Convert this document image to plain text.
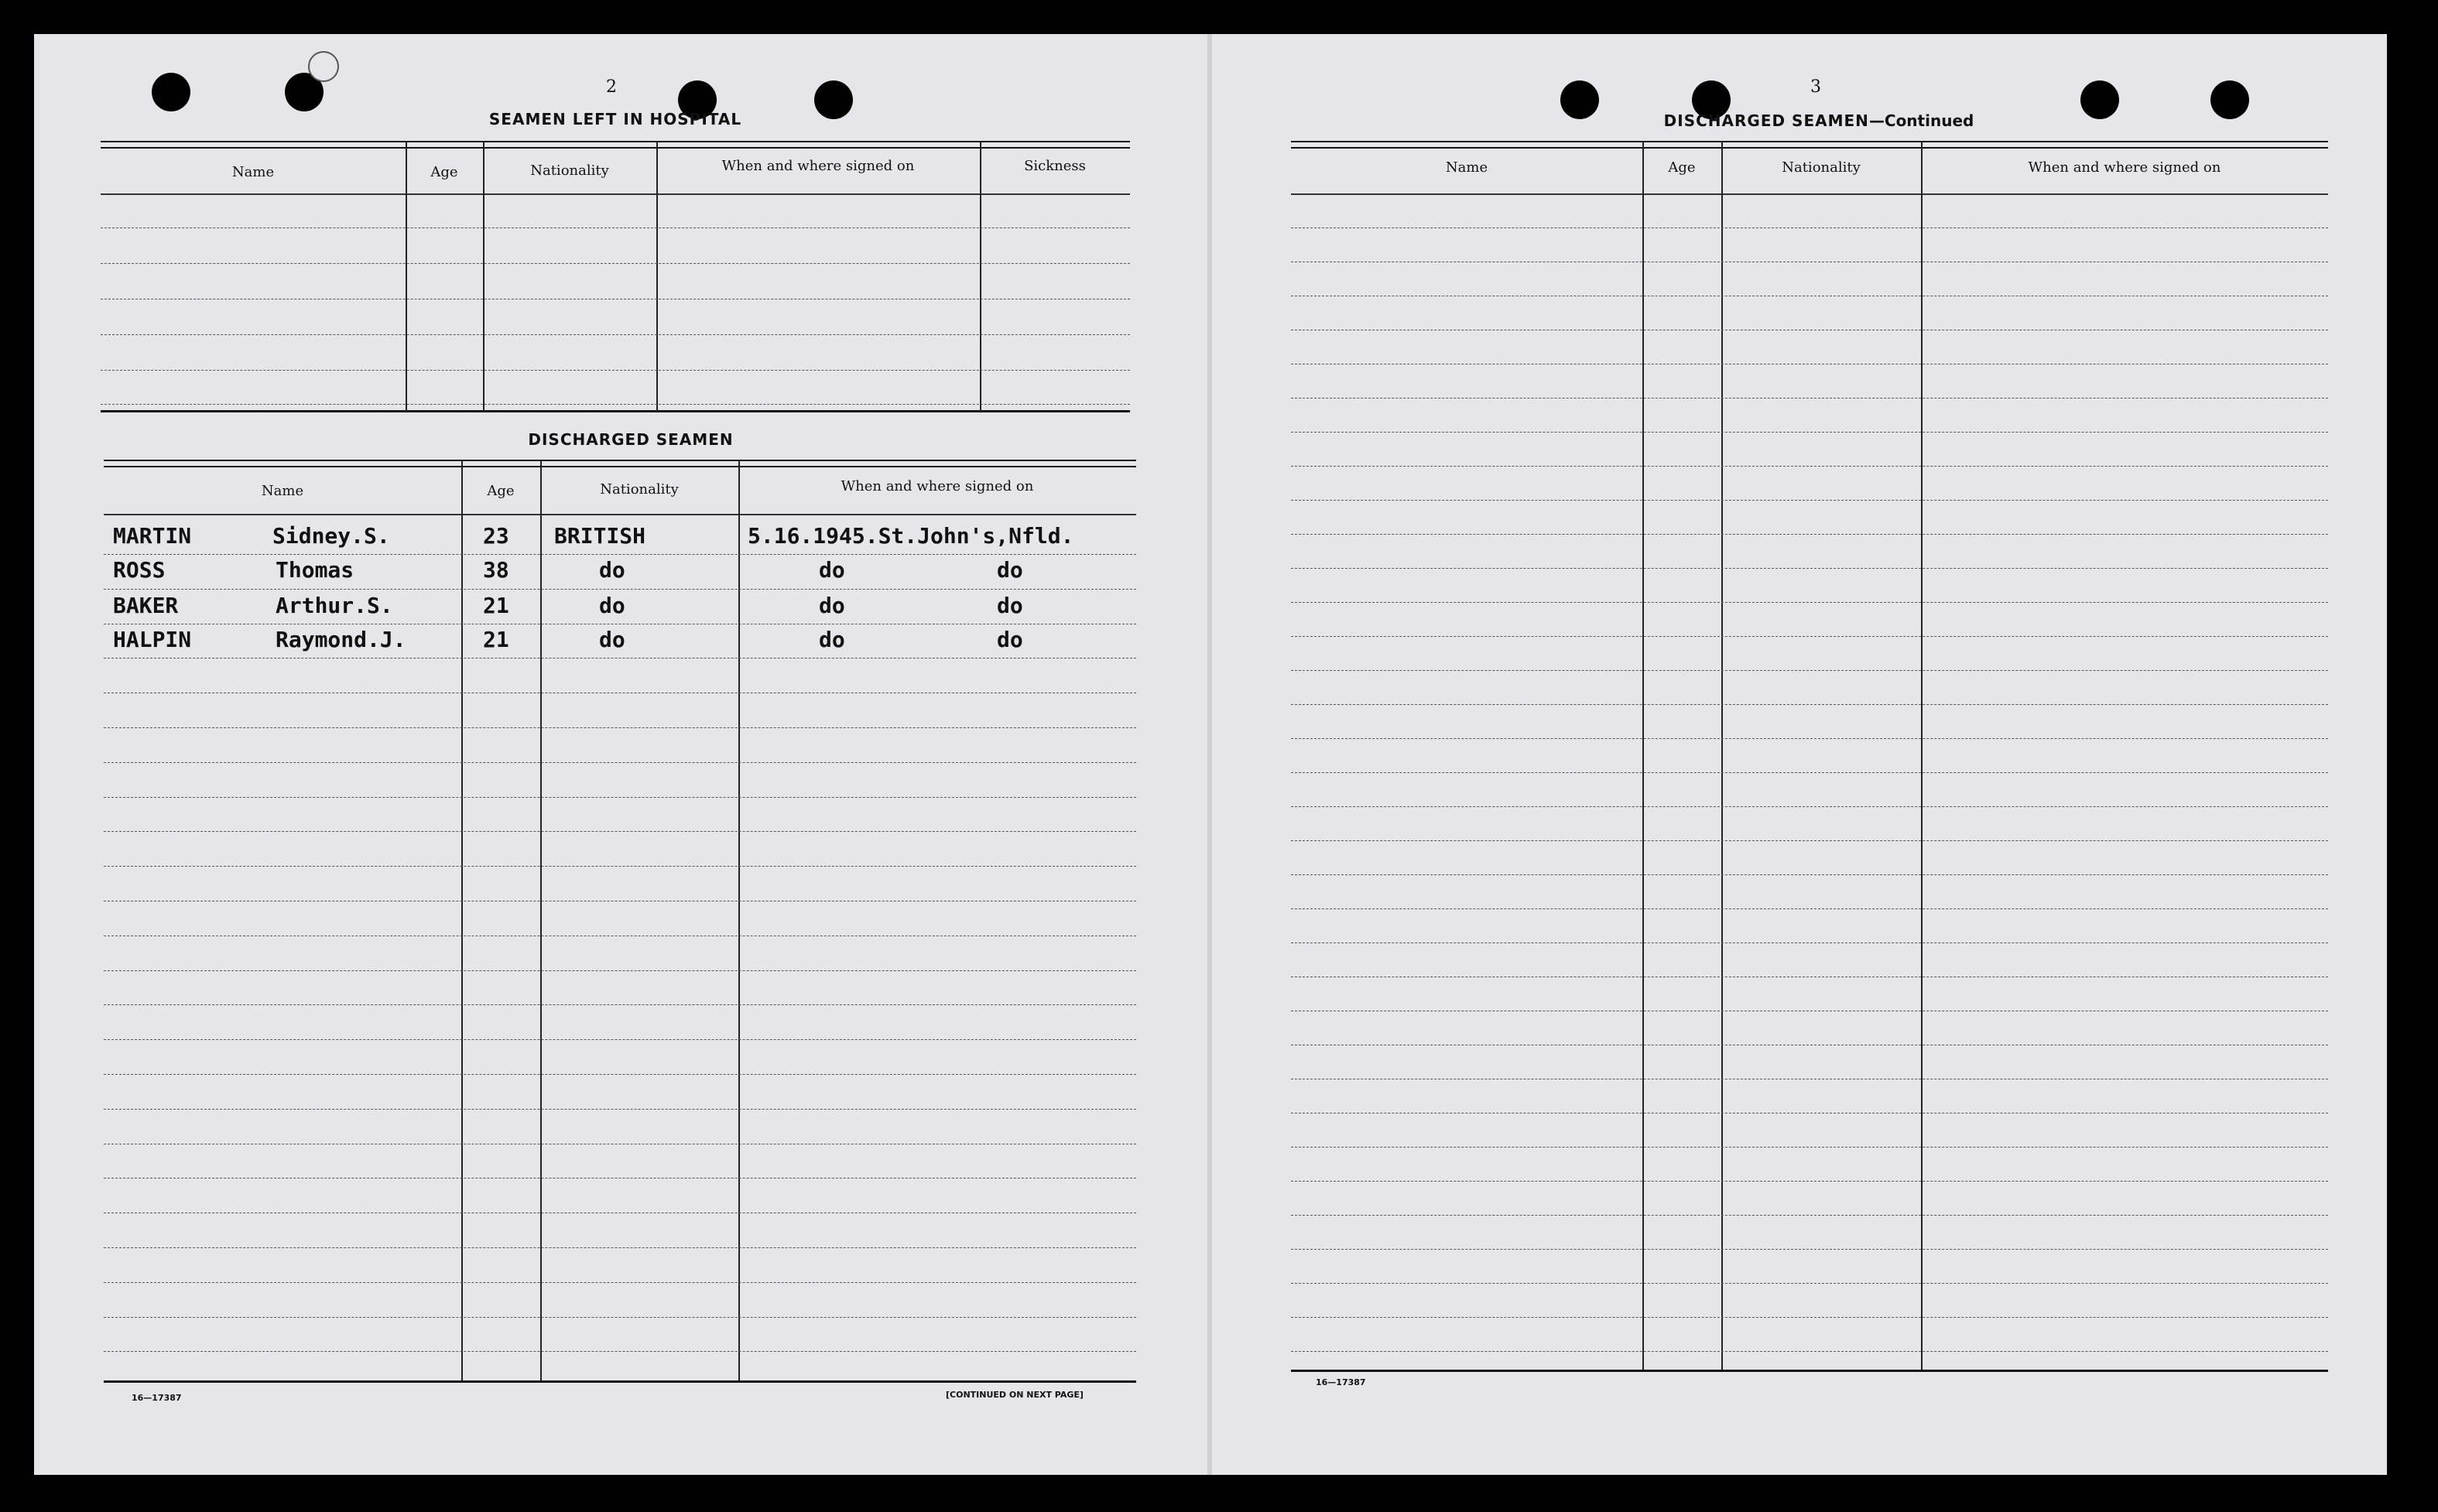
2
SEAMEN LEFT IN HOSPITAL
Name	Age	Nationality	When and where signed on	Sickness
DISCHARGED SEAMEN
Name	Age	Nationality	When and where signed on
MARTIN	Sidney.S.	23 BRITISH	5.16.1945.St.John's,Nfld.
ROSS	Thomas	38	do	do	do
BAKER	Arthur.S.	21	do	do	do
HALPIN	Raymond.J.	21	do	do	do
16—17387	[CONTINUED ON NEXT PAGE]
3
DISCHARGED SEAMEN—Continued
Name	Age	Nationality	When and where signed on
16—17387
